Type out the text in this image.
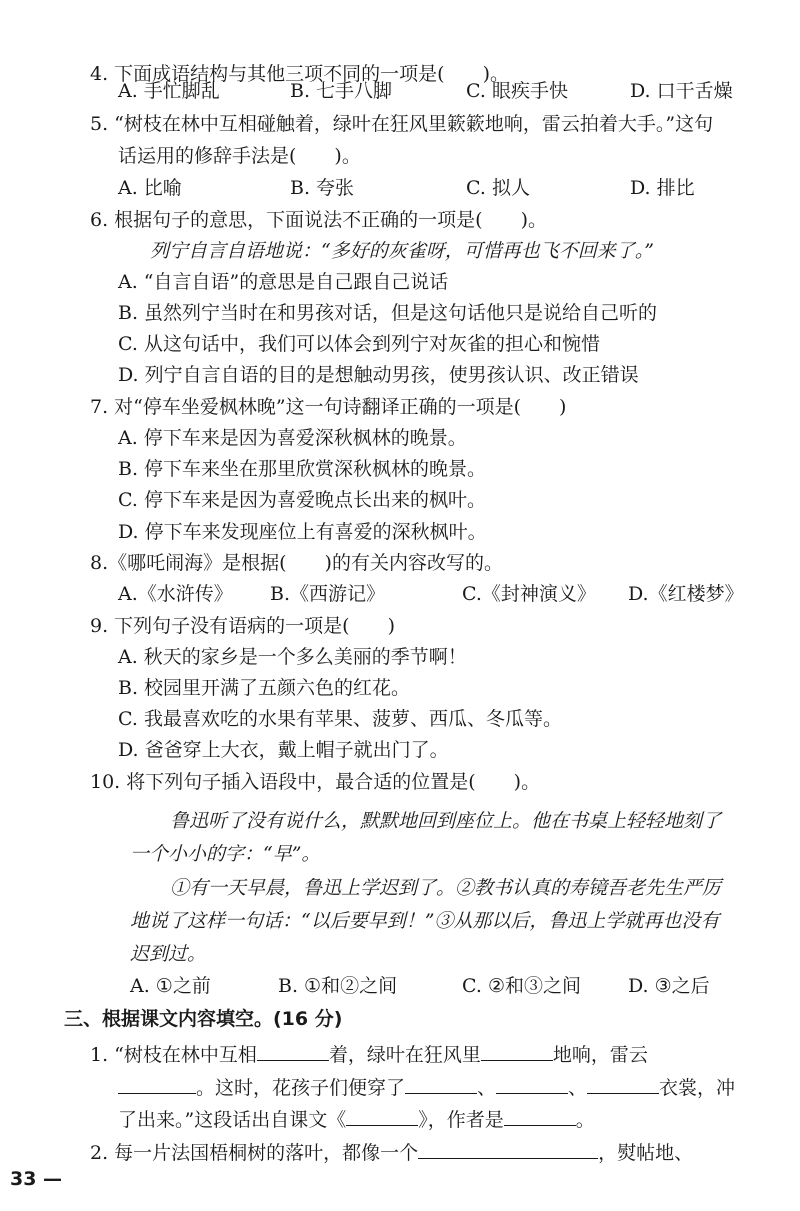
4. 下面成语结构与其他三项不同的一项是(　　)。
A. 手忙脚乱	B. 七手八脚	C. 眼疾手快	D. 口干舌燥
5. “树枝在林中互相碰触着，绿叶在狂风里簌簌地响，雷云拍着大手。”这句
话运用的修辞手法是(　　)。
A. 比喻	B. 夸张	C. 拟人	D. 排比
6. 根据句子的意思，下面说法不正确的一项是(　　)。
列宁自言自语地说：“多好的灰雀呀，可惜再也飞不回来了。”
A. “自言自语”的意思是自己跟自己说话
B. 虽然列宁当时在和男孩对话，但是这句话他只是说给自己听的
C. 从这句话中，我们可以体会到列宁对灰雀的担心和惋惜
D. 列宁自言自语的目的是想触动男孩，使男孩认识、改正错误
7. 对“停车坐爱枫林晚”这一句诗翻译正确的一项是(　　)
A. 停下车来是因为喜爱深秋枫林的晚景。
B. 停下车来坐在那里欣赏深秋枫林的晚景。
C. 停下车来是因为喜爱晚点长出来的枫叶。
D. 停下车来发现座位上有喜爱的深秋枫叶。
8.《哪吒闹海》是根据(　　)的有关内容改写的。
A.《水浒传》 B.《西游记》	C.《封神演义》 D.《红楼梦》
9. 下列句子没有语病的一项是(　　)
A. 秋天的家乡是一个多么美丽的季节啊！
B. 校园里开满了五颜六色的红花。
C. 我最喜欢吃的水果有苹果、菠萝、西瓜、冬瓜等。
D. 爸爸穿上大衣，戴上帽子就出门了。
10. 将下列句子插入语段中，最合适的位置是(　　)。
鲁迅听了没有说什么，默默地回到座位上。他在书桌上轻轻地刻了
一个小小的字：“早”。
①有一天早晨，鲁迅上学迟到了。②教书认真的寿镜吾老先生严厉
地说了这样一句话：“以后要早到！”③从那以后，鲁迅上学就再也没有
迟到过。
A. ①之前	B. ①和②之间	C. ②和③之间 D. ③之后
三、根据课文内容填空。(16 分)
1. “树枝在林中互相	着，绿叶在狂风里	地响，雷云
。这时，花孩子们便穿了	、	、	衣裳，冲
了出来。”这段话出自课文《	》，作者是	。
2. 每一片法国梧桐树的落叶，都像一个	，熨帖地、
33 —
